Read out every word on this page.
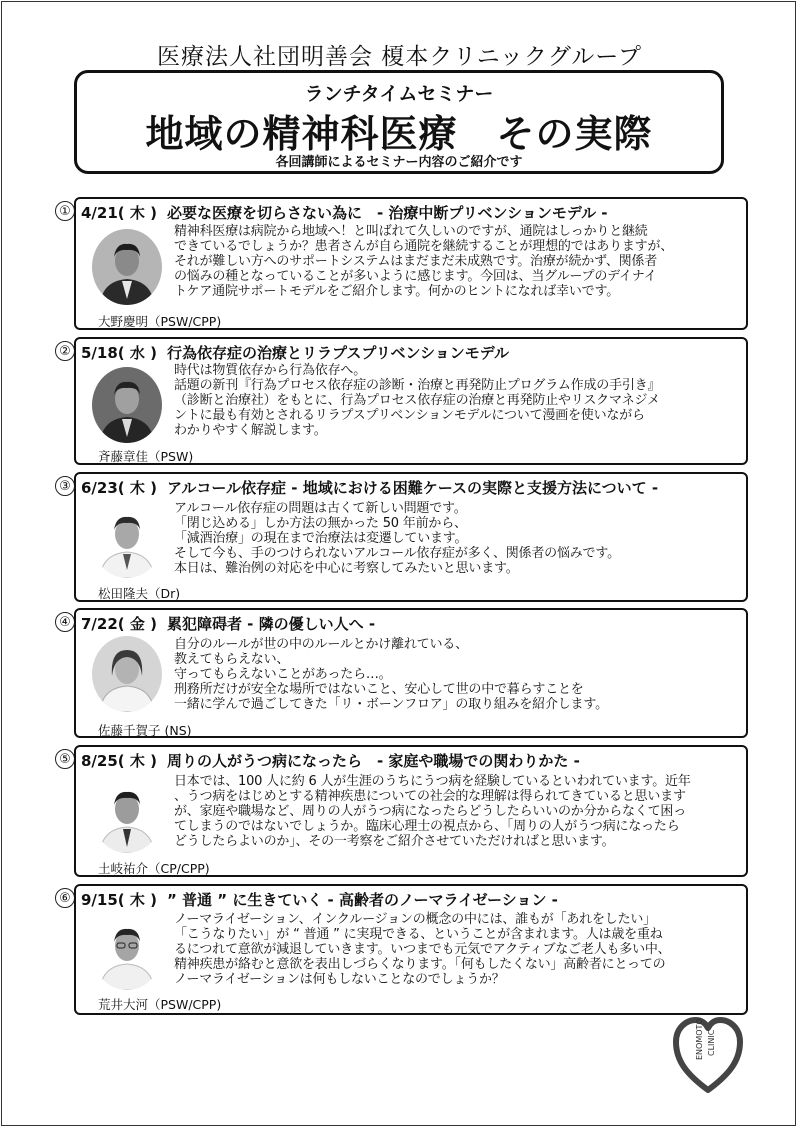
医療法人社団明善会 榎本クリニックグループ
ランチタイムセミナー
地域の精神科医療　その実際
各回講師によるセミナー内容のご紹介です
① 4/21( 木 ) 必要な医療を切らさない為に　- 治療中断プリベンションモデル -
精神科医療は病院から地域へ！と叫ばれて久しいのですが、通院はしっかりと継続
できているでしょうか？患者さんが自ら通院を継続することが理想的ではありますが、
それが難しい方へのサポートシステムはまだまだ未成熟です。治療が続かず、関係者
の悩みの種となっていることが多いように感じます。今回は、当グループのデイナイ
トケア通院サポートモデルをご紹介します。何かのヒントになれば幸いです。
大野慶明（PSW/CPP)
② 5/18( 水 ) 行為依存症の治療とリラプスプリベンションモデル
時代は物質依存から行為依存へ。
話題の新刊『行為プロセス依存症の診断・治療と再発防止プログラム作成の手引き』
（診断と治療社）をもとに、行為プロセス依存症の治療と再発防止やリスクマネジメ
ントに最も有効とされるリラプスプリベンションモデルについて漫画を使いながら
わかりやすく解説します。
斉藤章佳（PSW)
③ 6/23( 木 ) アルコール依存症 - 地域における困難ケースの実際と支援方法について -
アルコール依存症の問題は古くて新しい問題です。
「閉じ込める」しか方法の無かった 50 年前から、
「減酒治療」の現在まで治療法は変遷しています。
そして今も、手のつけられないアルコール依存症が多く、関係者の悩みです。
本日は、難治例の対応を中心に考察してみたいと思います。
松田隆夫（Dr)
④ 7/22( 金 ) 累犯障碍者 - 隣の優しい人へ -
自分のルールが世の中のルールとかけ離れている、
教えてもらえない、
守ってもらえないことがあったら…。
刑務所だけが安全な場所ではないこと、安心して世の中で暮らすことを
一緒に学んで過ごしてきた「リ・ボーンフロア」の取り組みを紹介します。
佐藤千賀子 (NS)
⑤ 8/25( 木 ) 周りの人がうつ病になったら　- 家庭や職場での関わりかた -
日本では、100 人に約 6 人が生涯のうちにうつ病を経験しているといわれています。近年
、うつ病をはじめとする精神疾患についての社会的な理解は得られてきていると思います
が、家庭や職場など、周りの人がうつ病になったらどうしたらいいのか分からなくて困っ
てしまうのではないでしょうか。臨床心理士の視点から、「周りの人がうつ病になったら
どうしたらよいのか」、その一考察をご紹介させていただければと思います。
土岐祐介（CP/CPP)
⑥ 9/15( 木 ) ” 普通 ” に生きていく - 高齢者のノーマライゼーション -
ノーマライゼーション、インクルージョンの概念の中には、誰もが「あれをしたい」
「こうなりたい」が “ 普通 ” に実現できる、ということが含まれます。人は歳を重ね
るにつれて意欲が減退していきます。いつまでも元気でアクティブなご老人も多い中、
精神疾患が絡むと意欲を表出しづらくなります。「何もしたくない」高齢者にとっての
ノーマライゼーションは何もしないことなのでしょうか？
荒井大河（PSW/CPP)
ENOMOTO CLINIC
